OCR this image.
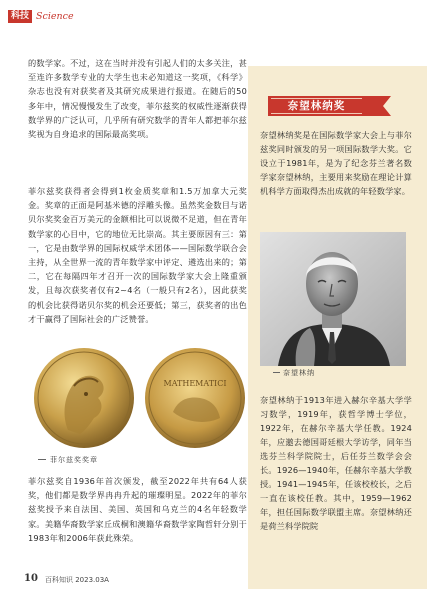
科技 Science

的数学家。不过，这在当时并没有引起人们的太多关注，甚至连许多数学专业的大学生也未必知道这一奖项，《科学》杂志也没有对获奖者及其研究成果进行报道。在随后的50多年中，情况慢慢发生了改变，菲尔兹奖的权威性逐渐获得数学界的广泛认可，几乎所有研究数学的青年人都把菲尔兹奖视为自身追求的国际最高奖项。

菲尔兹奖获得者会得到1枚金质奖章和1.5万加拿大元奖金。奖章的正面是阿基米德的浮雕头像。虽然奖金数目与诺贝尔奖奖金百万美元的金额相比可以说微不足道，但在青年数学家的心目中，它的地位无比崇高。其主要原因有三：第一，它是由数学界的国际权威学术团体——国际数学联合会主持，从全世界一流的青年数学家中评定、遴选出来的；第二，它在每隔四年才召开一次的国际数学家大会上隆重颁发，且每次获奖者仅有2~4名（一般只有2名），因此获奖的机会比获得诺贝尔奖的机会还要低；第三，获奖者的出色才干赢得了国际社会的广泛赞誉。

MATHEMATICI
菲尔兹奖奖章

菲尔兹奖自1936年首次颁发，截至2022年共有64人获奖，他们都是数学界冉冉升起的璀璨明星。2022年的菲尔兹奖授予来自法国、美国、英国和乌克兰的4名年轻数学家。美籍华裔数学家丘成桐和澳籍华裔数学家陶哲轩分别于1983年和2006年获此殊荣。

奈望林纳奖

奈望林纳奖是在国际数学家大会上与菲尔兹奖同时颁发的另一项国际数学大奖。它设立于1981年，是为了纪念芬兰著名数学家奈望林纳，主要用来奖励在理论计算机科学方面取得杰出成就的年轻数学家。

奈望林纳

奈望林纳于1913年进入赫尔辛基大学学习数学，1919年，获哲学博士学位，1922年，在赫尔辛基大学任教。1924年，应邀去德国哥廷根大学访学，同年当选芬兰科学院院士，后任芬兰数学会会长。1926—1940年，任赫尔辛基大学教授。1941—1945年，任该校校长，之后一直在该校任教。其中，1959—1962年，担任国际数学联盟主席。奈望林纳还是荷兰科学院院

10 百科知识 2023.03A
